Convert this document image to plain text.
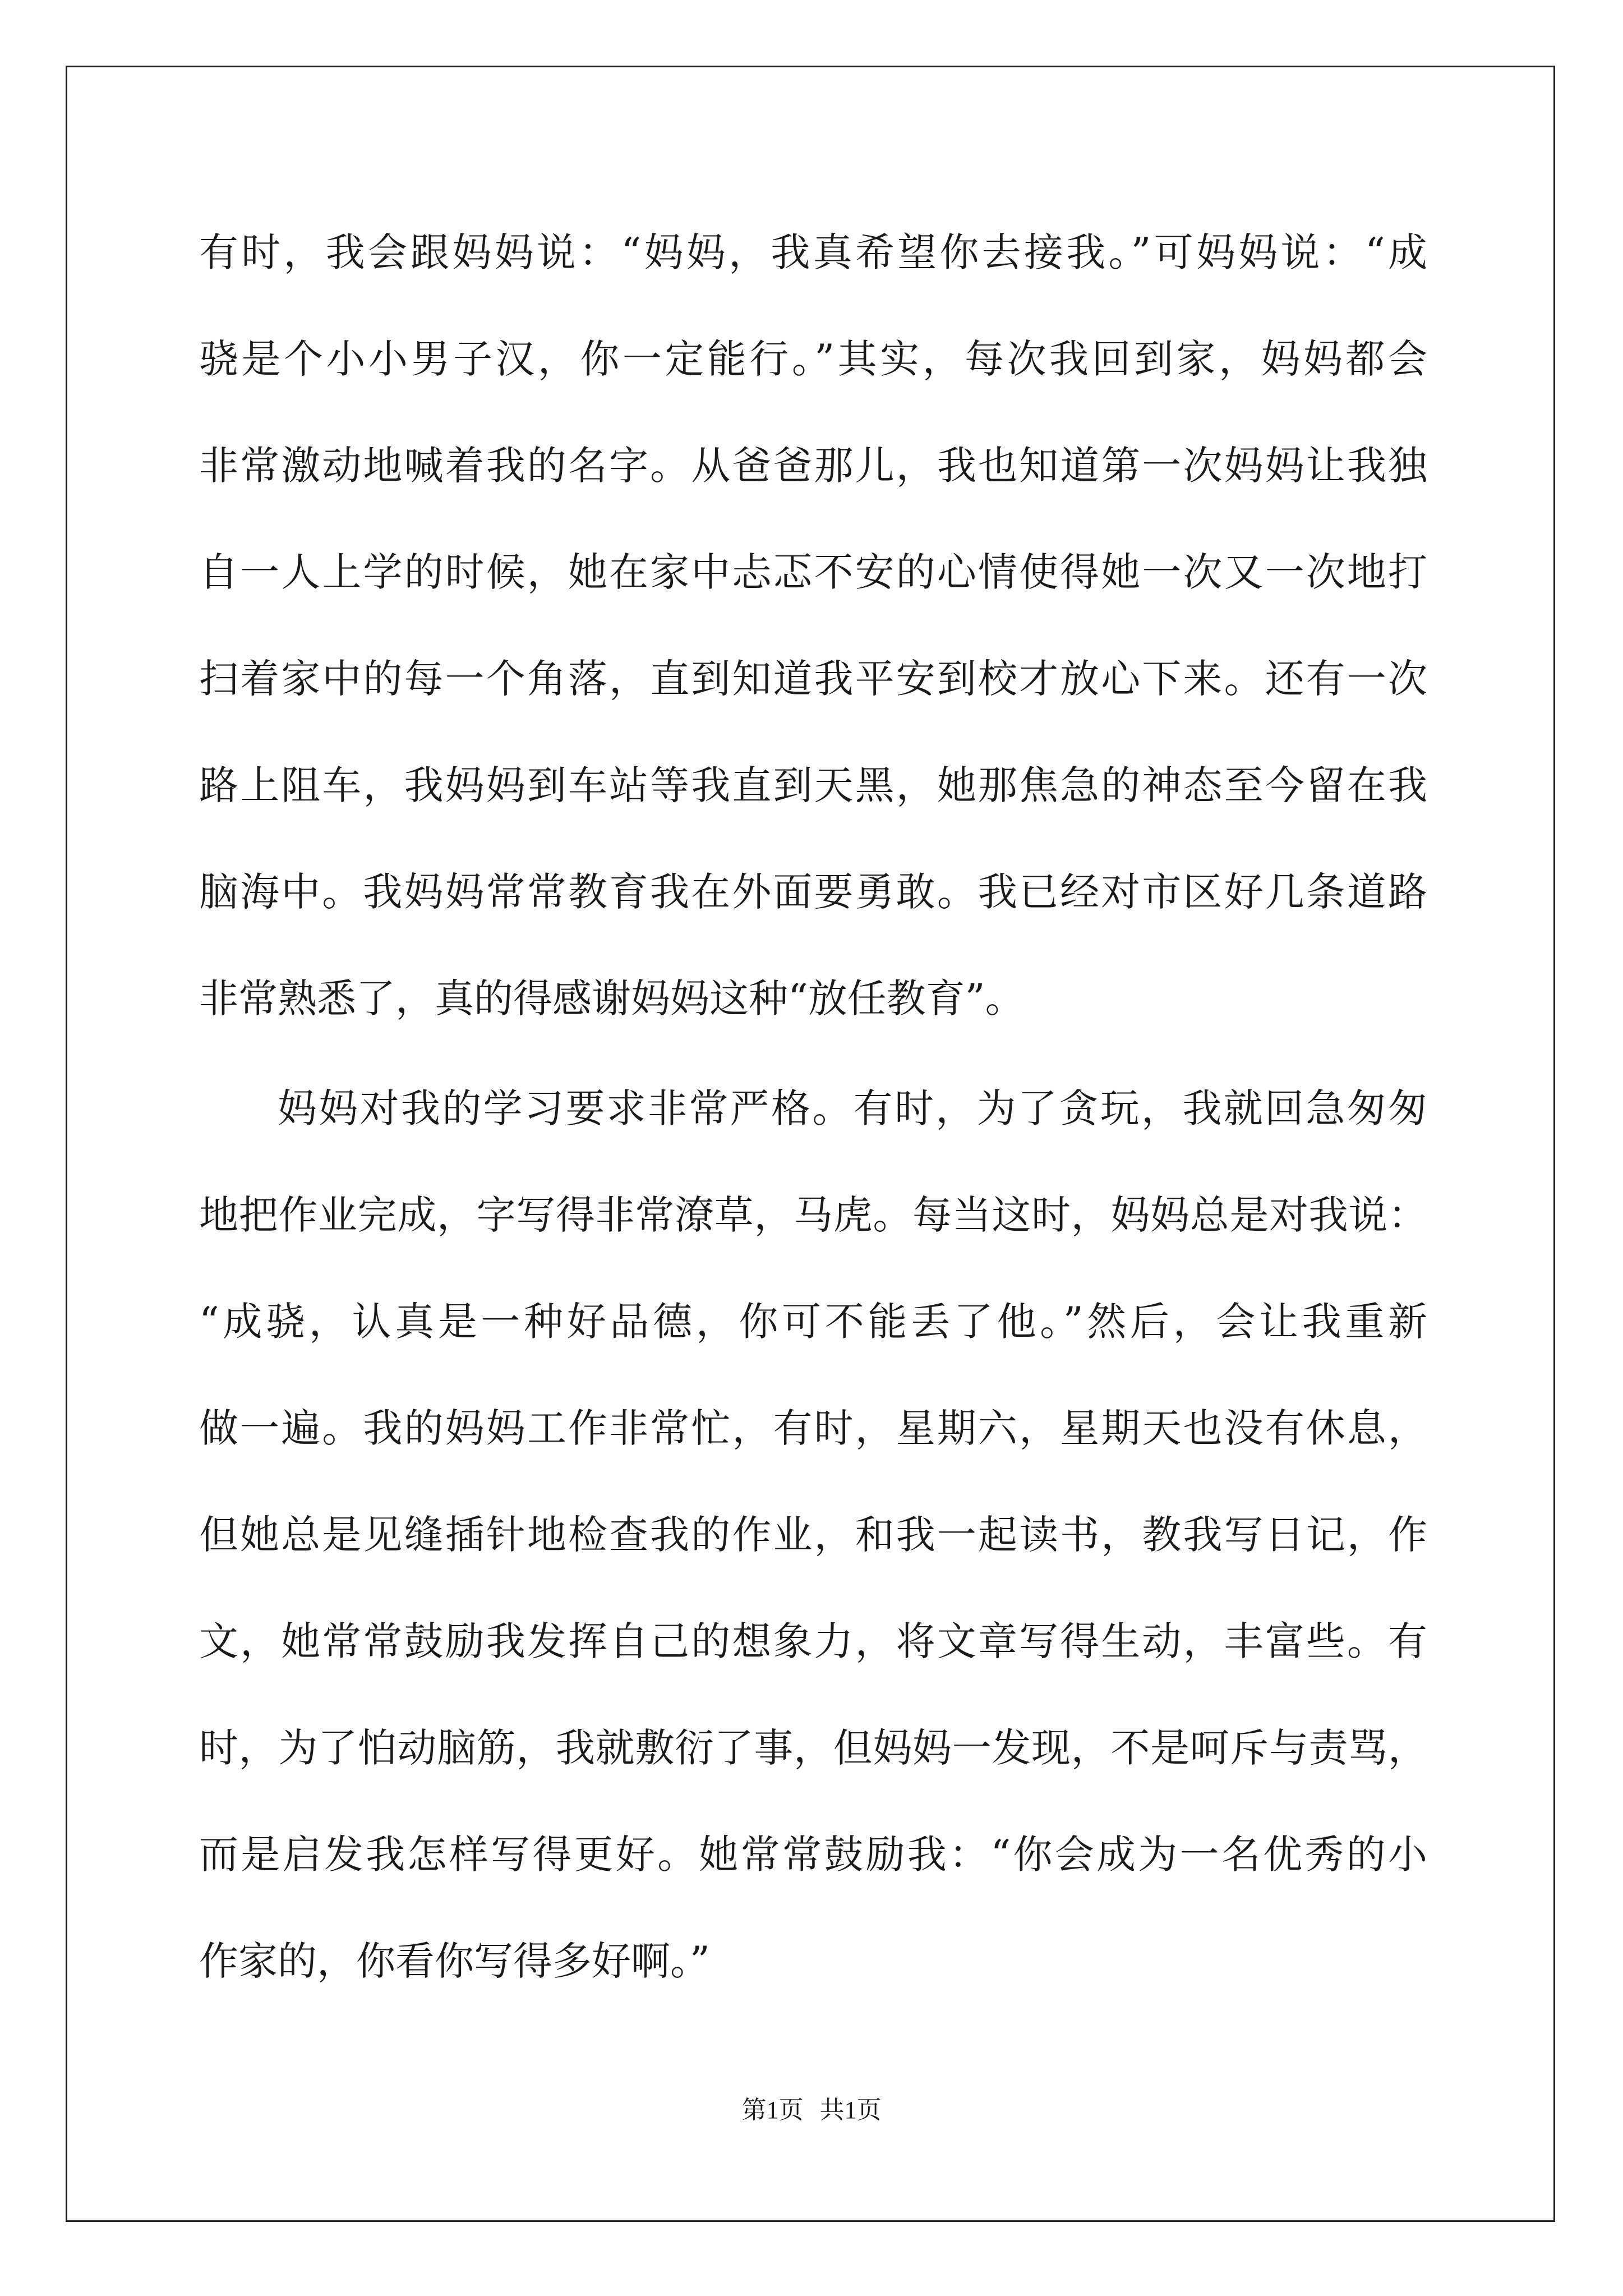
有时，我会跟妈妈说：“妈妈，我真希望你去接我。”可妈妈说：“成
骁是个小小男子汉，你一定能行。”其实，每次我回到家，妈妈都会
非常激动地喊着我的名字。从爸爸那儿，我也知道第一次妈妈让我独
自一人上学的时候，她在家中忐忑不安的心情使得她一次又一次地打
扫着家中的每一个角落，直到知道我平安到校才放心下来。还有一次
路上阻车，我妈妈到车站等我直到天黑，她那焦急的神态至今留在我
脑海中。我妈妈常常教育我在外面要勇敢。我已经对市区好几条道路
非常熟悉了，真的得感谢妈妈这种“放任教育”。
妈妈对我的学习要求非常严格。有时，为了贪玩，我就回急匆匆
地把作业完成，字写得非常潦草，马虎。每当这时，妈妈总是对我说：
“成骁，认真是一种好品德，你可不能丢了他。”然后，会让我重新
做一遍。我的妈妈工作非常忙，有时，星期六，星期天也没有休息，
但她总是见缝插针地检查我的作业，和我一起读书，教我写日记，作
文，她常常鼓励我发挥自己的想象力，将文章写得生动，丰富些。有
时，为了怕动脑筋，我就敷衍了事，但妈妈一发现，不是呵斥与责骂，
而是启发我怎样写得更好。她常常鼓励我：“你会成为一名优秀的小
作家的，你看你写得多好啊。”
第1页 共1页
